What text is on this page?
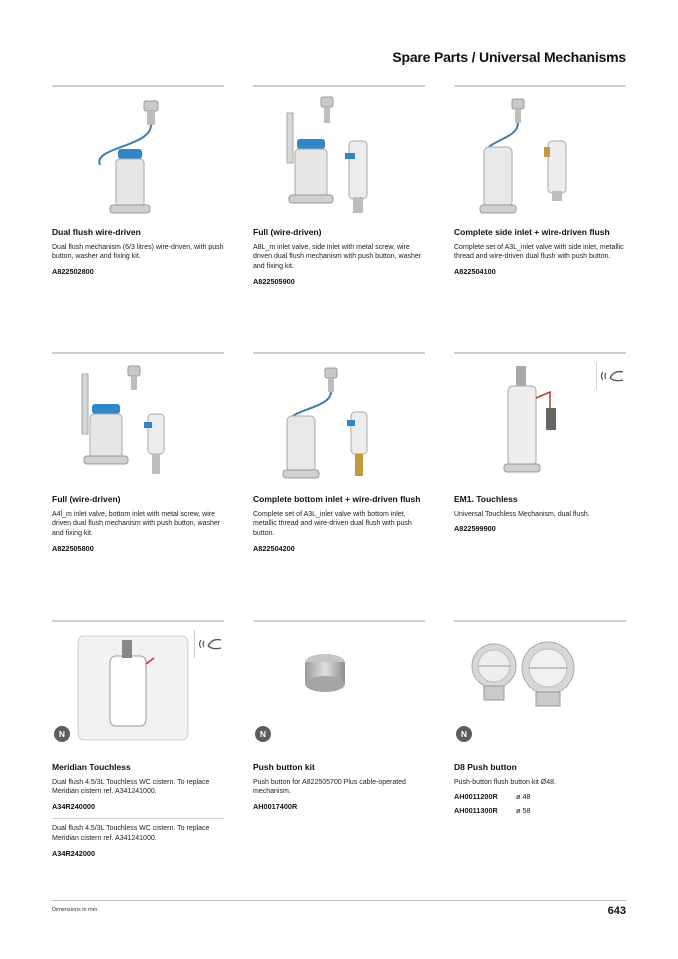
Spare Parts / Universal Mechanisms
Dual flush wire-driven

Dual flush mechanism (6/3 litres) wire-driven, with push button, washer and fixing kit.

A822502800
Full (wire-driven)

A8L_m inlet valve, side inlet with metal screw, wire driven dual flush mechanism with push button, washer and fixing kit.

A822505900
Complete side inlet + wire-driven flush

Complete set of A3L_inlet valve with side inlet, metallic thread and wire-driven dual flush with push button.

A822504100
Full (wire-driven)

A4l_m inlet valve, bottom inlet with metal screw, wire driven dual flush mechanism with push button, washer and fixing kit.

A822505800
Complete bottom inlet + wire-driven flush

Complete set of A3L_inlet valve with bottom inlet, metallic thread and wire-driven dual flush with push button.

A822504200
EM1. Touchless

Universal Touchless Mechanism, dual flush.

A822599900
N
Meridian Touchless

Dual flush 4.5/3L Touchless WC cistern. To replace Meridian cistern ref. A341241000.

A34R240000

Dual flush 4.5/3L Touchless WC cistern. To replace Meridian cistern ref. A341241000.

A34R242000
N
Push button kit

Push button for A822505700 Plus cable-operated mechanism.

AH0017400R
N
D8 Push button

Push-button flush button kit Ø48.

AH0011200R	ø 48
AH0011300R	ø 58
Dimensions in mm.	643
